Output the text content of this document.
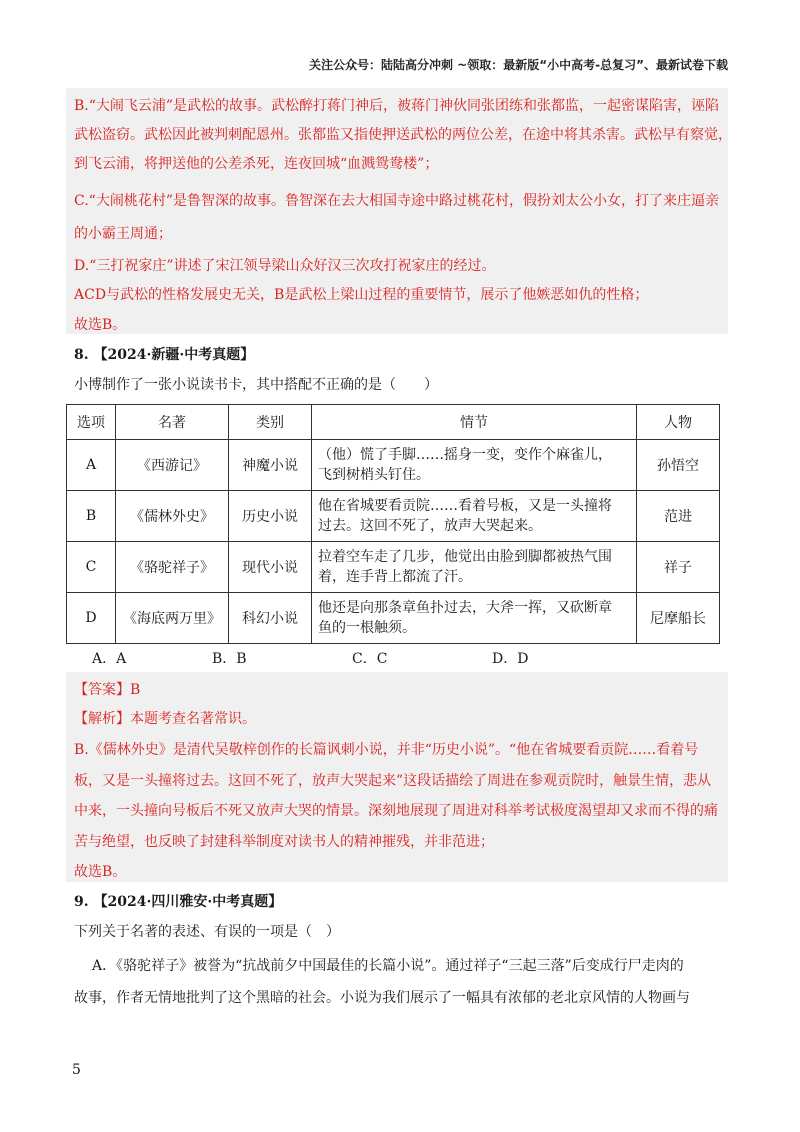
关注公众号：陆陆高分冲刺 ~领取：最新版“小中高考-总复习”、最新试卷下载
B.“大闹飞云浦”是武松的故事。武松醉打蒋门神后，被蒋门神伙同张团练和张都监，一起密谋陷害，诬陷
武松盗窃。武松因此被判刺配恩州。张都监又指使押送武松的两位公差，在途中将其杀害。武松早有察觉，
到飞云浦，将押送他的公差杀死，连夜回城“血溅鸳鸯楼”；
C.“大闹桃花村”是鲁智深的故事。鲁智深在去大相国寺途中路过桃花村，假扮刘太公小女，打了来庄逼亲
的小霸王周通；
D.“三打祝家庄”讲述了宋江领导梁山众好汉三次攻打祝家庄的经过。
ACD与武松的性格发展史无关，B是武松上梁山过程的重要情节，展示了他嫉恶如仇的性格；
故选B。
8. 【2024·新疆·中考真题】
小博制作了一张小说读书卡，其中搭配不正确的是（　　）
选项	名著	类别	情节	人物
A	《西游记》	神魔小说	（他）慌了手脚……摇身一变，变作个麻雀儿，
飞到树梢头钉住。	孙悟空
B	《儒林外史》	历史小说	他在省城要看贡院……看着号板，又是一头撞将
过去。这回不死了，放声大哭起来。	范进
C	《骆驼祥子》	现代小说	拉着空车走了几步，他觉出由脸到脚都被热气围
着，连手背上都流了汗。	祥子
D	《海底两万里》	科幻小说	他还是向那条章鱼扑过去，大斧一挥，又砍断章
鱼的一根触须。	尼摩船长
A．A	B．B	C．C	D．D
【答案】B
【解析】本题考查名著常识。
B.《儒林外史》是清代吴敬梓创作的长篇讽刺小说，并非“历史小说”。“他在省城要看贡院……看着号
板，又是一头撞将过去。这回不死了，放声大哭起来”这段话描绘了周进在参观贡院时，触景生情，悲从
中来，一头撞向号板后不死又放声大哭的情景。深刻地展现了周进对科举考试极度渴望却又求而不得的痛
苦与绝望，也反映了封建科举制度对读书人的精神摧残，并非范进；
故选B。
9. 【2024·四川雅安·中考真题】
下列关于名著的表述、有误的一项是（　）
A．《骆驼祥子》被誉为“抗战前夕中国最佳的长篇小说”。通过祥子“三起三落”后变成行尸走肉的
故事，作者无情地批判了这个黑暗的社会。小说为我们展示了一幅具有浓郁的老北京风情的人物画与
5
